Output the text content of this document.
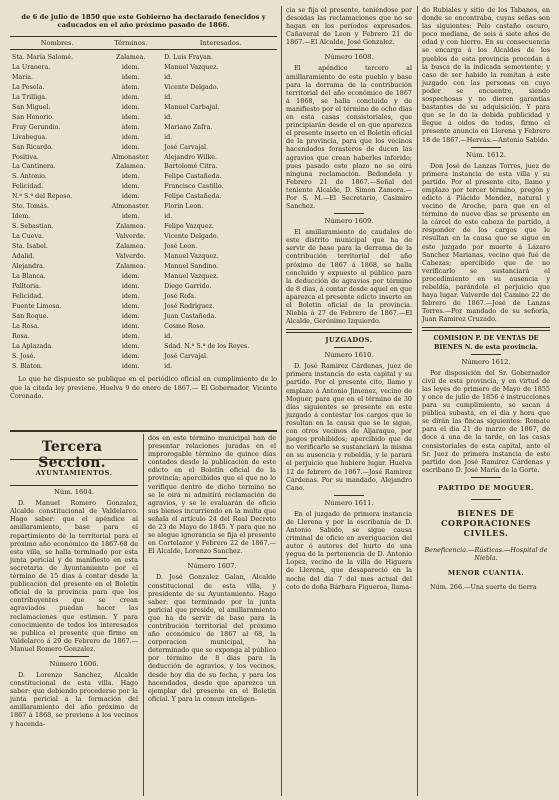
de 6 de julio de 1850 que este Gobierno ha declarado fenecidos y caducados en el año próximo pasado de 1866.

Nombres.	Términos.	Interesados.
Sta. María Salomé.	Zalamea.	D. Luis Frayan.
La Uraoera.	idem.	Manuel Vazquez.
María.	idem.	id.
La Pesela.	idem.	Vicente Delgado.
La Trilliga.	idem.	id.
San Miguel.	idem.	Manuel Carbajal.
San Honorio.	idem.	id.
Fray Gerundio.	idem.	Mariano Zafra.
Lívabegua.	idem.	id.
San Ricardo.	idem.	José Carvajal.
Positiva.	Almonaster.	Alejandro Wilke.
La Cantinera.	Zalamea.	Bartolomé Citra.
S. Antonio.	idem.	Felipe Castañeda.
Felicidad.	idem.	Francisco Castillo.
N.ª S.ª del Reposo.	idem.	Felipe Castañeda.
Sto. Tomás.	Almonaster.	Florin Leon.
Idem.	idem.	id.
S. Sebastian.	Zalamea.	Felipe Vazquez.
La Cueva.	Valverde.	Vicente Delgado.
Sta. Isabel.	Zalamea.	José Leon.
Adalid.	Valverde.	Manuel Vazquez.
Alejandra.	Zalamea.	Manuel Sandino.
La Blanca.	idem.	Manuel Vazquez.
Palltoria.	idem.	Diego Garrido.
Felicidad.	idem.	José Rofa.
Fuente Limosa.	idem.	José Rodriguez.
San Roque.	idem.	Juan Castañeda.
La Rosa.	idem.	Cosme Roso.
Rosa.	idem.	id.
La Aplazada.	idem.	Sdad. N.ª S.ª de los Reyes.
S. José.	idem.	José Carvajal.
S. Blaton.	idem.	id.

Lo que he dispuesto se publique en el periódico oficial en cumplimiento de lo que la citada ley previene. Huelva 9 de enero de 1867.— El Gobernador, Vicente Coronado.

cia se fija el presente, teniéndose por desoidas las reclamaciones que no se hagan en los períodos expresados. Cañaveral de Leon y Febrero 21 de 1867.—El Alcalde, José Gonzalez.

Número 1608.

El apéndice tercero al amillaramiento de este pueblo y base para la derrama de la contribución territorial del año económico de 1867 á 1868, se halla concluido y de manifiesto por el término de ocho dias en esta casas consistoriales, que principiarán desde el en que aparezca el presente inserto en el Boletín oficial de la provincia, para que los vecinos hacendados forasteros de ducen las agravios que crean haberles inferido; pues pasado este plazo no se oirá ninguna reclamación. Bedondela y Febrero 21 de 1867.—Señal del teniente Alcalde, D. Simon Zamora.—Por S. M.—El Secretario, Casimiro Sanchez.

Número 1609.

El amillaramiento de caudales de este distrito municipal que ha de servir de base para la derrama de la contribución territorial del año próximo de 1867 á 1868, se halla concluido y expuesto al público para la deducción de agravios por término de 8 días, á contar desde aquel en que aparezca el presente edicto inserto en el Boletin oficial de la provincia. Niebla á 27 de Febrero de 1867.—El Alcalde, Gerónimo Izquierdo.

JUZGADOS.

Número 1610.

D. José Ramirez Cárdenas, juez de primera instancia de esta capital y su partido. Por el presente cito, llamo y emplazo á Antonio Jimenez, vecino de Moguer, para que en el término de 30 días siguientes se presente en este juzgado á contestar los cargos que le resultan en la causa que se le sigue, con otros vecinos de Aljaraque, por juegos prohibidos; apercibido que de no verificarlo se sustanciará la misma en su ausencia y rebeldía, y le parará el perjuicio que hubiere lugar. Huelva 12 de febrero de 1867.—José Ramirez Cárdenas. Por su mandado, Alejandro Cano.

Número 1611.

En el juzgado de primera instancia de Llerena y por la escribanía de D. Antonio Sabido, se sigue causa criminal de oficio en averiguación del autor ó autores del hurto de una yegua de la pertenencia de D. Antonio Lopez, vecino de la villa de Higuera de Llerena, que desapareció en la noche del dia 7 del mes actual del coto de doña Bárbara Figueroa, llama-

do Rubiales y sitio de los Tabanos, en donde se encontraba, cuyas señas son las siguientes: Pelo castaño oscuro, poco mediana, de seis á siete años de edad y con hierro. En su consecuencia se encarga á los Alcaldes de los pueblos de esta provincia procedan á la busca de la indicada semoviente; y caso de ser habido la remitan á este juzgado con las personas en cuyo poder se encuentre, siendo sospechosas y no dieren garantías bastantes de su adquisición. Y para que se le de la debida publicidad y llegue á oidos de todos, firmo el presente anuncio en Llerena y Febrero 18 de 1867.—Hervás.—Antonio Sabido.

Núm. 1612.

Don José de Lanzas Torres, juez de primera instancia de esta villa y su partido. Por el presente cito, llamo y emplazo por tercer término, pregón y edicto á Plácido Mendez, natural y vecino de Aroche, para que en el término de nueve días se presente en la cárcel de este cabeza de partido, á responder de los cargos que le resultan en la causa que se sigue en este juzgado por muerte á Lázaro Sanchez Marianas, vecino que fué de Cabezas; apercibido que de no verificarlo se sustanciará el procedimiento en su ausencia y rebeldía, parándole el perjuicio que haya lugar. Valverde del Camino 22 de febrero de 1867.—José de Lanzas Torres.—Por mandado de su señoría, Juan Ramirez Cruzado.

COMISION P. DE VENTAS DE BIENES N. de esta provincia.

Número 1612.

Por disposición del Sr. Gobernador civil de esta provincia, y en virtud de las leyes de primero de Mayo de 1855 y once de julio de 1856 é instrucciones para su cumplimiento, se sacan á pública subasta, en el dia y hora que se dirán las fincas siguientes: Remate para el dia 21 de marzo de 1867, de doce á una de la tarde, en las casas consistoriales de esta capital, ante el Sr. Juez de primera instancia de este partido don José Ramirez Cárdenas y escribano D. José María de la Gorte.

PARTIDO DE MOGUER.

BIENES DE CORPORACIONES CIVILES.

Beneficencia.—Rústicas.—Hospital de Niebla.

MENOR CUANTIA.

Núm. 266.—Una suerte de tierra

Tercera Seccion.

AYUNTAMIENTOS.

Núm. 1604.

D. Manuel Romero Gonzalez, Alcalde constitucional de Valdelarco. Hago saber: que el apéndice al amillaramiento, base para el repartimiento de la territorial para el próximo año económico de 1867-68 de esta villa, se halla terminado por esta junta pericial y de manifiesto en esta secretaria de Ayuntamiento por el término de 15 dias á contar desde la publicación del presente en el Boletín oficial de la provincia para que los contribuyentes que se crean agraviados puedan hacer las reclamaciones que estimen. Y para conocimiento de todos los interesados se publica el presente que firmo en Valdelarco á 29 de Febrero de 1867.—Manuel Romero Gonzalez.

Número 1606.

D. Lorenzo Sanchez, Alcalde constitucional de esta villa. Hago saber: que debiendo procederse por la junta pericial á la formación del amillaramiento del año próximo de 1867 á 1868, se previene á los vecinos y hacenda-

dos en este término municipal han de presentar relaciones juradas en el improrogable término de quince días contados desde la publicación de este edicto en el Boletín oficial de la provincia; apercibidos que el que no lo verifique dentro de dicho término no se le oirá ni admitirá reclamación de agravios, y se le evaluarán de oficio sus bienes incurriendo en la multa que señala el artículo 24 del Real Decreto de 23 de Mayo de 1845. Y para que no se alegue ignorancia se fija el presente en Cortelazor y Febrero 22 de 1867.—El Alcalde, Lorenzo Sanchez.

Número 1607.

D. José Gonzalez Galan, Alcalde constitucional de esta villa, y presidente de su Ayuntamiento. Hago saber: que terminado por la junta pericial que preside, el amillaramiento que ha de servir de base para la contribución territorial del próximo año económico de 1867 al 68, la corporacion municipal, ha determinado que se exponga al público por término de 8 dias para la deducción de agravios, y los vecinos, desde hoy dia de su fecha, y para los hacendados, desde que aparezca un ejemplar del presente en el Boletín oficial. Y para la comun inteligen-
